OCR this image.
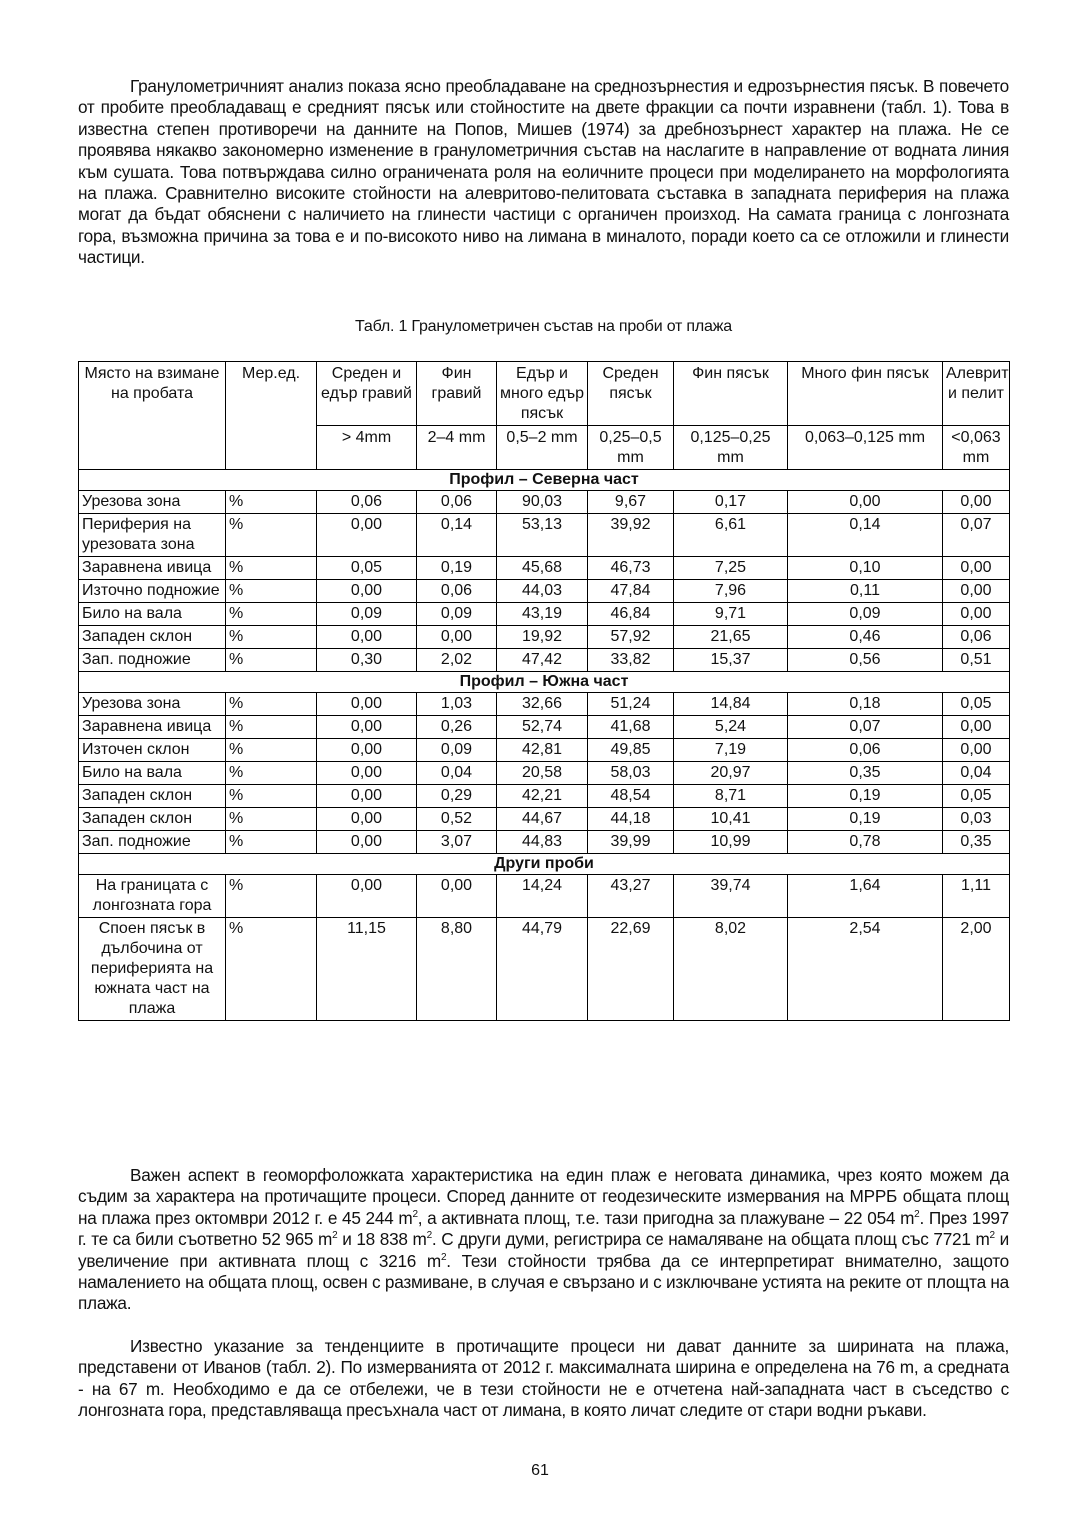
Гранулометричният анализ показа ясно преобладаване на среднозърнестия и едрозърнестия пясък. В повечето от пробите преобладаващ е средният пясък или стойностите на двете фракции са почти изравнени (табл. 1). Това в известна степен противоречи на данните на Попов, Мишев (1974) за дребнозърнест характер на плажа. Не се проявява някакво закономерно изменение в гранулометричния състав на наслагите в направление от водната линия към сушата. Това потвърждава силно ограничената роля на еоличните процеси при моделирането на морфологията на плажа. Сравнително високите стойности на алевритово-пелитовата съставка в западната периферия на плажа могат да бъдат обяснени с наличието на глинести частици с органичен произход. На самата граница с лонгозната гора, възможна причина за това е и по-високото ниво на лимана в миналото, поради което са се отложили и глинести частици.

Табл. 1 Гранулометричен състав на проби от плажа
Място на взимане на пробата	Мер.ед.	Среден и едър гравий	Фин гравий	Едър и много едър пясък	Среден пясък	Фин пясък	Много фин пясък	Алеврит и пелит
		> 4mm	2–4 mm	0,5–2 mm	0,25–0,5 mm	0,125–0,25 mm	0,063–0,125 mm	<0,063 mm
Профил – Северна част								
Урезова зона	%	0,06	0,06	90,03	9,67	0,17	0,00	0,00
Периферия на урезовата зона	%	0,00	0,14	53,13	39,92	6,61	0,14	0,07
Заравнена ивица	%	0,05	0,19	45,68	46,73	7,25	0,10	0,00
Източно подножие	%	0,00	0,06	44,03	47,84	7,96	0,11	0,00
Било на вала	%	0,09	0,09	43,19	46,84	9,71	0,09	0,00
Западен склон	%	0,00	0,00	19,92	57,92	21,65	0,46	0,06
Зап. подножие	%	0,30	2,02	47,42	33,82	15,37	0,56	0,51
Профил – Южна част								
Урезова зона	%	0,00	1,03	32,66	51,24	14,84	0,18	0,05
Заравнена ивица	%	0,00	0,26	52,74	41,68	5,24	0,07	0,00
Източен склон	%	0,00	0,09	42,81	49,85	7,19	0,06	0,00
Било на вала	%	0,00	0,04	20,58	58,03	20,97	0,35	0,04
Западен склон	%	0,00	0,29	42,21	48,54	8,71	0,19	0,05
Западен склон	%	0,00	0,52	44,67	44,18	10,41	0,19	0,03
Зап. подножие	%	0,00	3,07	44,83	39,99	10,99	0,78	0,35
Други проби								
На границата с лонгозната гора	%	0,00	0,00	14,24	43,27	39,74	1,64	1,11
Споен пясък в дълбочина от периферията на южната част на плажа	%	11,15	8,80	44,79	22,69	8,02	2,54	2,00

Важен аспект в геоморфоложката характеристика на един плаж е неговата динамика, чрез която можем да съдим за характера на протичащите процеси. Според данните от геодезическите измервания на МРРБ общата площ на плажа през октомври 2012 г. е 45 244 $m^2$, а активната площ, т.е. тази пригодна за плажуване – 22 054 $m^2$. През 1997 г. те са били съответно 52 965 $m^2$ и 18 838 $m^2$. С други думи, регистрира се намаляване на общата площ със 7721 $m^2$ и увеличение при активната площ с 3216 $m^2$. Тези стойности трябва да се интерпретират внимателно, защото намалението на общата площ, освен с размиване, в случая е свързано и с изключване устията на реките от площта на плажа.

Известно указание за тенденциите в протичащите процеси ни дават данните за ширината на плажа, представени от Иванов (табл. 2). По измерванията от 2012 г. максималната ширина е определена на 76 m, а средната - на 67 m. Необходимо е да се отбележи, че в тези стойности не е отчетена най-западната част в съседство с лонгозната гора, представляваща пресъхнала част от лимана, в която личат следите от стари водни ръкави.

61
